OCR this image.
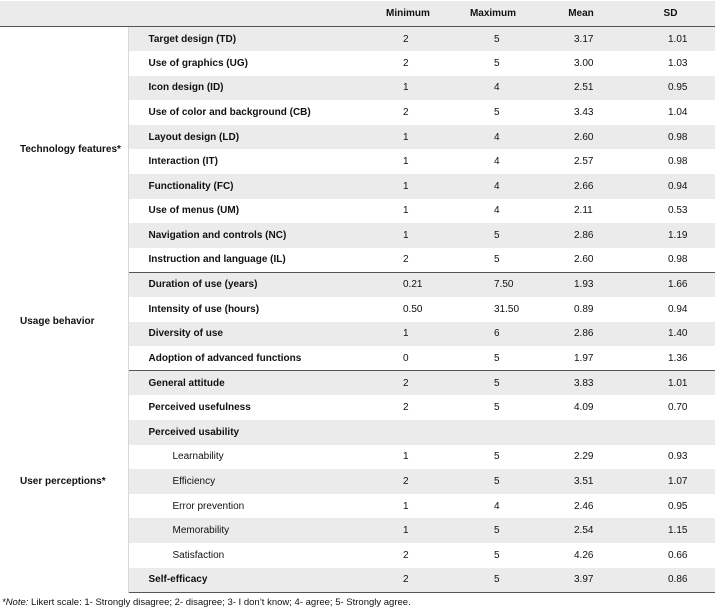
		Minimum	Maximum	Mean	SD
Technology features*	Target design (TD)	2	5	3.17	1.01
	Use of graphics (UG)	2	5	3.00	1.03
	Icon design (ID)	1	4	2.51	0.95
	Use of color and background (CB)	2	5	3.43	1.04
	Layout design (LD)	1	4	2.60	0.98
	Interaction (IT)	1	4	2.57	0.98
	Functionality (FC)	1	4	2.66	0.94
	Use of menus (UM)	1	4	2.11	0.53
	Navigation and controls (NC)	1	5	2.86	1.19
	Instruction and language (IL)	2	5	2.60	0.98
Usage behavior	Duration of use (years)	0.21	7.50	1.93	1.66
	Intensity of use (hours)	0.50	31.50	0.89	0.94
	Diversity of use	1	6	2.86	1.40
	Adoption of advanced functions	0	5	1.97	1.36
User perceptions*	General attitude	2	5	3.83	1.01
	Perceived usefulness	2	5	4.09	0.70
	Perceived usability				
	Learnability	1	5	2.29	0.93
	Efficiency	2	5	3.51	1.07
	Error prevention	1	4	2.46	0.95
	Memorability	1	5	2.54	1.15
	Satisfaction	2	5	4.26	0.66
	Self-efficacy	2	5	3.97	0.86
*Note: Likert scale: 1- Strongly disagree; 2- disagree; 3- I don’t know; 4- agree; 5- Strongly agree.
